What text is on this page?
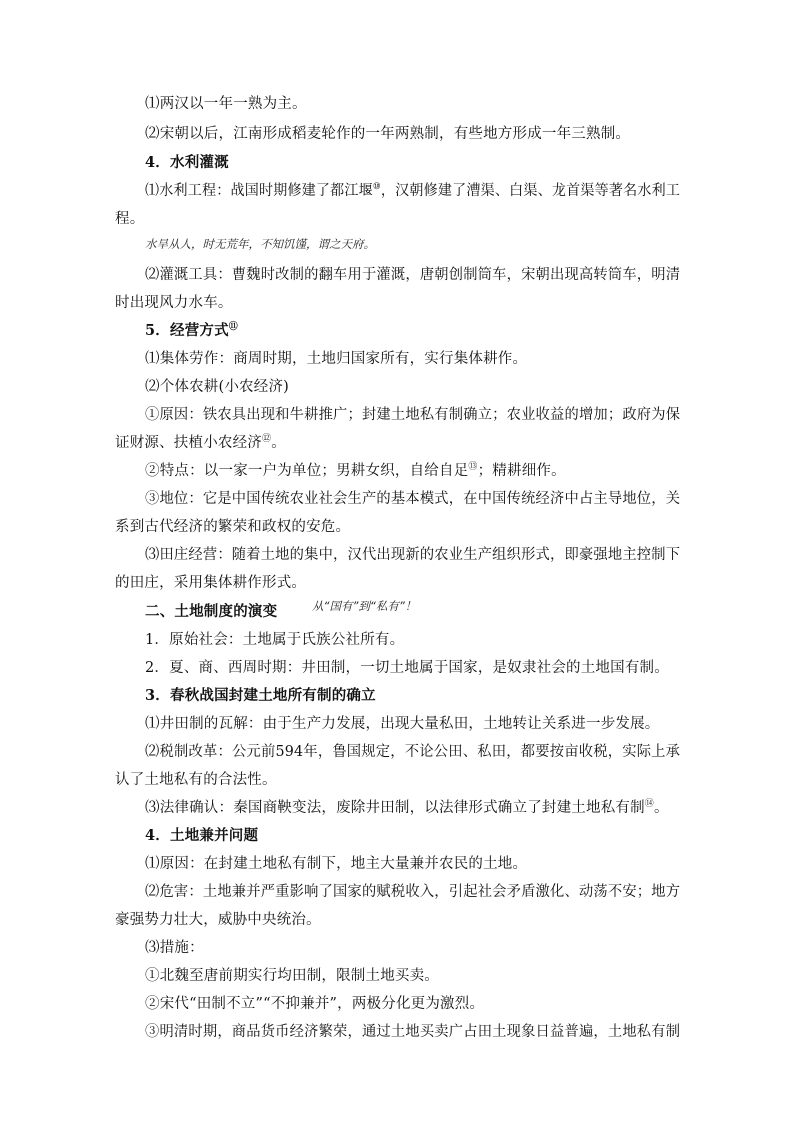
⑴两汉以一年一熟为主。
⑵宋朝以后，江南形成稻麦轮作的一年两熟制，有些地方形成一年三熟制。
4．水利灌溉
⑴水利工程：战国时期修建了都江堰⑩，汉朝修建了漕渠、白渠、龙首渠等著名水利工
程。
水旱从人，时无荒年，不知饥馑，谓之天府。
⑵灌溉工具：曹魏时改制的翻车用于灌溉，唐朝创制筒车，宋朝出现高转筒车，明清
时出现风力水车。
5．经营方式⑪
⑴集体劳作：商周时期，土地归国家所有，实行集体耕作。
⑵个体农耕(小农经济)
①原因：铁农具出现和牛耕推广；封建土地私有制确立；农业收益的增加；政府为保
证财源、扶植小农经济⑫。
②特点：以一家一户为单位；男耕女织，自给自足⑬；精耕细作。
③地位：它是中国传统农业社会生产的基本模式，在中国传统经济中占主导地位，关
系到古代经济的繁荣和政权的安危。
⑶田庄经营：随着土地的集中，汉代出现新的农业生产组织形式，即豪强地主控制下
的田庄，采用集体耕作形式。
二、土地制度的演变	从“国有”到“私有”！
1．原始社会：土地属于氏族公社所有。
2．夏、商、西周时期：井田制，一切土地属于国家，是奴隶社会的土地国有制。
3．春秋战国封建土地所有制的确立
⑴井田制的瓦解：由于生产力发展，出现大量私田，土地转让关系进一步发展。
⑵税制改革：公元前594年，鲁国规定，不论公田、私田，都要按亩收税，实际上承
认了土地私有的合法性。
⑶法律确认：秦国商鞅变法，废除井田制，以法律形式确立了封建土地私有制⑭。
4．土地兼并问题
⑴原因：在封建土地私有制下，地主大量兼并农民的土地。
⑵危害：土地兼并严重影响了国家的赋税收入，引起社会矛盾激化、动荡不安；地方
豪强势力壮大，威胁中央统治。
⑶措施：
①北魏至唐前期实行均田制，限制土地买卖。
②宋代“田制不立”“不抑兼并”，两极分化更为激烈。
③明清时期，商品货币经济繁荣，通过土地买卖广占田土现象日益普遍，土地私有制
